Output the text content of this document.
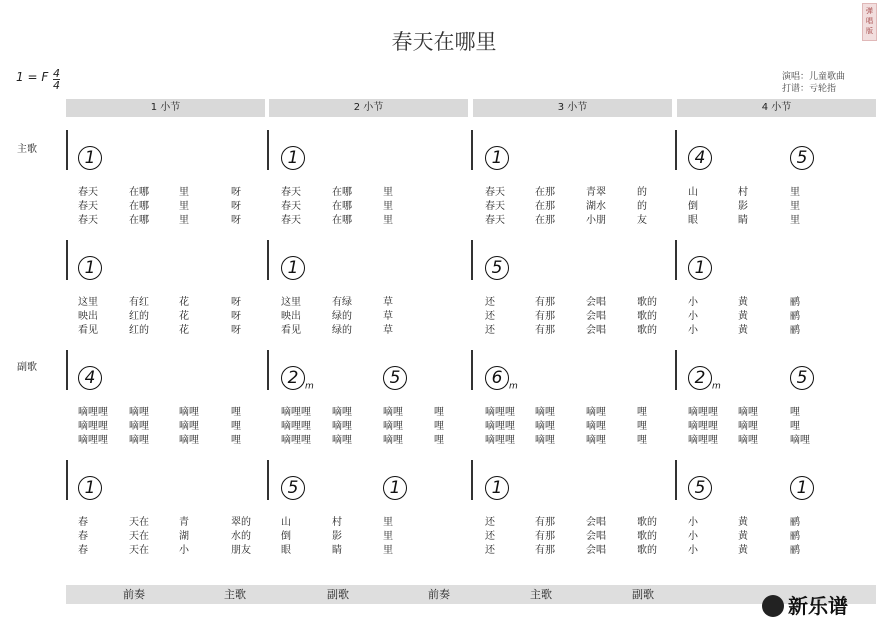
春天在哪里
弹唱版
1 = F $\frac{4}{4}$	演唱：儿童歌曲
打谱：亏轮指
1 小节	2 小节	3 小节	4 小节
主歌
副歌
1	1	1	4	5
春天	在哪	里	呀	春天	在哪	里	春天	在那	青翠	的	山	村	里
春天	在哪	里	呀	春天	在哪	里	春天	在那	湖水	的	倒	影	里
春天	在哪	里	呀	春天	在哪	里	春天	在那	小朋	友	眼	睛	里
1	1	5	1
这里	有红	花	呀	这里	有绿	草	还	有那	会唱	歌的	小	黄	鹂
映出	红的	花	呀	映出	绿的	草	还	有那	会唱	歌的	小	黄	鹂
看见	红的	花	呀	看见	绿的	草	还	有那	会唱	歌的	小	黄	鹂
4	2 $_m$	5	6 $_m$	2 $_m$	5
嘀哩哩 嘀哩	嘀哩	哩	嘀哩哩 嘀哩	嘀哩	哩	嘀哩哩 嘀哩	嘀哩	哩	嘀哩哩 嘀哩	哩
嘀哩哩 嘀哩	嘀哩	哩	嘀哩哩 嘀哩	嘀哩	哩	嘀哩哩 嘀哩	嘀哩	哩	嘀哩哩 嘀哩	哩
嘀哩哩 嘀哩	嘀哩	哩	嘀哩哩 嘀哩	嘀哩	哩	嘀哩哩 嘀哩	嘀哩	哩	嘀哩哩 嘀哩	嘀哩
1	5	1	1	5	1
春	天在	青	翠的	山	村	里	还	有那	会唱	歌的	小	黄	鹂
春	天在	湖	水的	倒	影	里	还	有那	会唱	歌的	小	黄	鹂
春	天在	小	朋友	眼	睛	里	还	有那	会唱	歌的	小	黄	鹂
前奏	主歌	副歌	前奏	主歌	副歌	新乐谱
